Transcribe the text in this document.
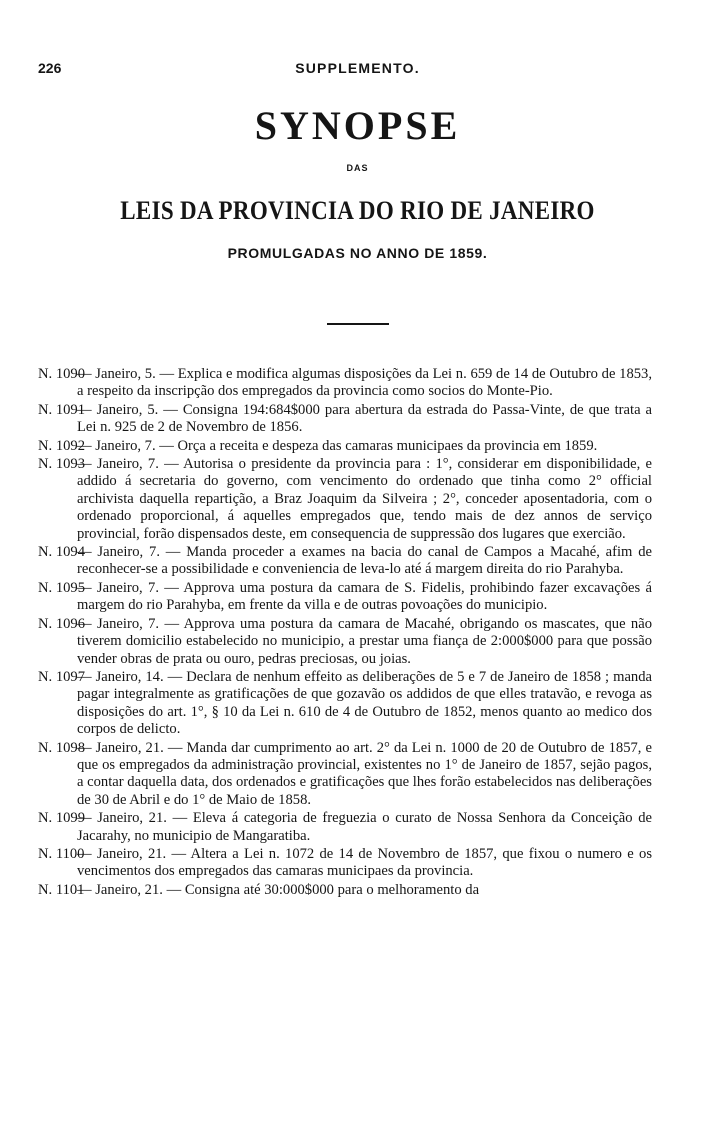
226	SUPPLEMENTO.
SYNOPSE
DAS
LEIS DA PROVINCIA DO RIO DE JANEIRO
PROMULGADAS NO ANNO DE 1859.
N. 1090
— Janeiro, 5. — Explica e modifica algumas disposições da Lei n. 659 de 14 de Outubro de 1853, a respeito da inscripção dos empregados da provincia como socios do Monte-Pio.
N. 1091
— Janeiro, 5. — Consigna 194:684$000 para abertura da estrada do Passa-Vinte, de que trata a Lei n. 925 de 2 de Novembro de 1856.
N. 1092
— Janeiro, 7. — Orça a receita e despeza das camaras municipaes da provincia em 1859.
N. 1093
— Janeiro, 7. — Autorisa o presidente da provincia para : 1°, considerar em disponibilidade, e addido á secretaria do governo, com vencimento do ordenado que tinha como 2° official archivista daquella repartição, a Braz Joaquim da Silveira ; 2°, conceder aposentadoria, com o ordenado proporcional, á aquelles empregados que, tendo mais de dez annos de serviço provincial, forão dispensados deste, em consequencia de suppressão dos lugares que exercião.
N. 1094
— Janeiro, 7. — Manda proceder a exames na bacia do canal de Campos a Macahé, afim de reconhecer-se a possibilidade e conveniencia de leva-lo até á margem direita do rio Parahyba.
N. 1095
— Janeiro, 7. — Approva uma postura da camara de S. Fidelis, prohibindo fazer excavações á margem do rio Parahyba, em frente da villa e de outras povoações do municipio.
N. 1096
— Janeiro, 7. — Approva uma postura da camara de Macahé, obrigando os mascates, que não tiverem domicilio estabelecido no municipio, a prestar uma fiança de 2:000$000 para que possão vender obras de prata ou ouro, pedras preciosas, ou joias.
N. 1097
— Janeiro, 14. — Declara de nenhum effeito as deliberações de 5 e 7 de Janeiro de 1858 ; manda pagar integralmente as gratificações de que gozavão os addidos de que elles tratavão, e revoga as disposições do art. 1°, § 10 da Lei n. 610 de 4 de Outubro de 1852, menos quanto ao medico dos corpos de delicto.
N. 1098
— Janeiro, 21. — Manda dar cumprimento ao art. 2° da Lei n. 1000 de 20 de Outubro de 1857, e que os empregados da administração provincial, existentes no 1° de Janeiro de 1857, sejão pagos, a contar daquella data, dos ordenados e gratificações que lhes forão estabelecidos nas deliberações de 30 de Abril e do 1° de Maio de 1858.
N. 1099
— Janeiro, 21. — Eleva á categoria de freguezia o curato de Nossa Senhora da Conceição de Jacarahy, no municipio de Mangaratiba.
N. 1100
— Janeiro, 21. — Altera a Lei n. 1072 de 14 de Novembro de 1857, que fixou o numero e os vencimentos dos empregados das camaras municipaes da provincia.
N. 1101
— Janeiro, 21. — Consigna até 30:000$000 para o melhoramento da
